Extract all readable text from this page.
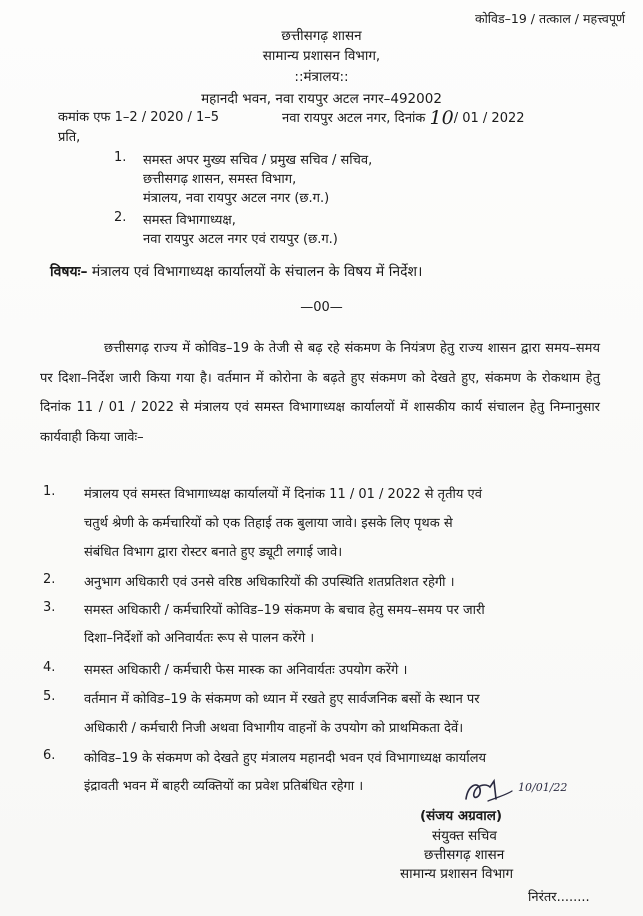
कोविड–19 / तत्काल / महत्त्वपूर्ण
छत्तीसगढ़ शासन
सामान्य प्रशासन विभाग,
::मंत्रालय::
महानदी भवन, नवा रायपुर अटल नगर–492002
कमांक एफ 1–2 / 2020 / 1–5	नवा रायपुर अटल नगर, दिनांक 10/ 01 / 2022
प्रति,
1. समस्त अपर मुख्य सचिव / प्रमुख सचिव / सचिव,
छत्तीसगढ़ शासन, समस्त विभाग,
मंत्रालय, नवा रायपुर अटल नगर (छ.ग.)
2. समस्त विभागाध्यक्ष,
नवा रायपुर अटल नगर एवं रायपुर (छ.ग.)
विषयः– मंत्रालय एवं विभागाध्यक्ष कार्यालयों के संचालन के विषय में निर्देश।
—00—

छत्तीसगढ़ राज्य में कोविड–19 के तेजी से बढ़ रहे संकमण के नियंत्रण हेतु राज्य शासन द्वारा समय–समय पर दिशा–निर्देश जारी किया गया है। वर्तमान में कोरोना के बढ़ते हुए संकमण को देखते हुए, संकमण के रोकथाम हेतु दिनांक 11 / 01 / 2022 से मंत्रालय एवं समस्त विभागाध्यक्ष कार्यालयों में शासकीय कार्य संचालन हेतु निम्नानुसार कार्यवाही किया जावेः–

1. मंत्रालय एवं समस्त विभागाध्यक्ष कार्यालयों में दिनांक 11 / 01 / 2022 से तृतीय एवं
चतुर्थ श्रेणी के कर्मचारियों को एक तिहाई तक बुलाया जावे। इसके लिए पृथक से
संबंधित विभाग द्वारा रोस्टर बनाते हुए ड्यूटी लगाई जावे।
2. अनुभाग अधिकारी एवं उनसे वरिष्ठ अधिकारियों की उपस्थिति शतप्रतिशत रहेगी ।
3. समस्त अधिकारी / कर्मचारियों कोविड–19 संकमण के बचाव हेतु समय–समय पर जारी
दिशा–निर्देशों को अनिवार्यतः रूप से पालन करेंगे ।
4. समस्त अधिकारी / कर्मचारी फेस मास्क का अनिवार्यतः उपयोग करेंगे ।
5. वर्तमान में कोविड–19 के संकमण को ध्यान में रखते हुए सार्वजनिक बसों के स्थान पर
अधिकारी / कर्मचारी निजी अथवा विभागीय वाहनों के उपयोग को प्राथमिकता देवें।
6. कोविड–19 के संकमण को देखते हुए मंत्रालय महानदी भवन एवं विभागाध्यक्ष कार्यालय
इंद्रावती भवन में बाहरी व्यक्तियों का प्रवेश प्रतिबंधित रहेगा ।	10/01/22
(संजय अग्रवाल)
संयुक्त सचिव
छत्तीसगढ़ शासन
सामान्य प्रशासन विभाग
निरंतर........
